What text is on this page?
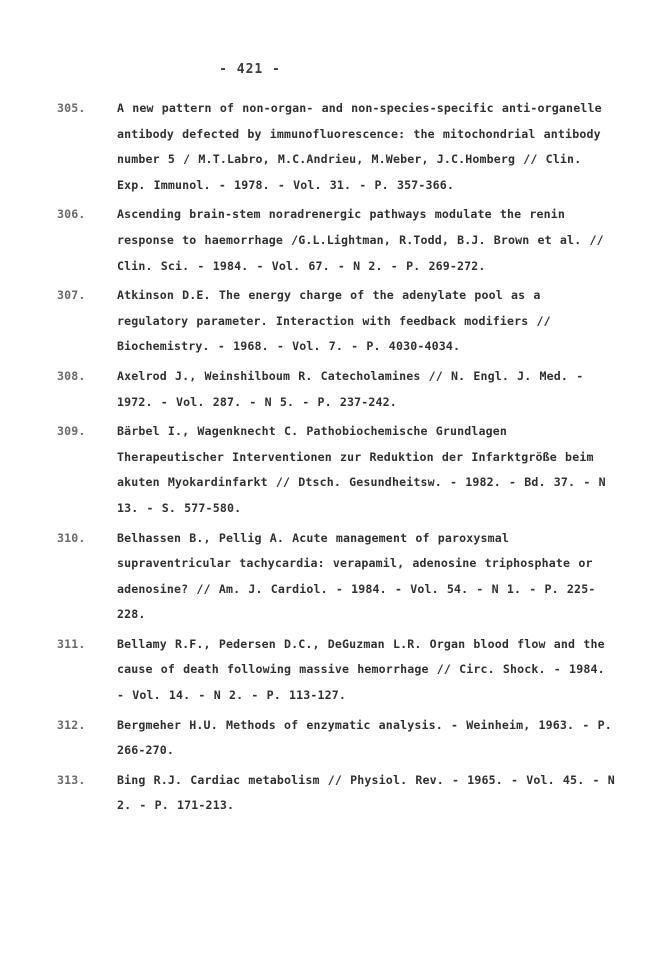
- 421 -
305.	A new pattern of non-organ- and non-species-specific anti-organelle antibody defected by immunofluorescence: the mitochondrial antibody number 5 / M.T.Labro, M.C.Andrieu, M.Weber, J.C.Homberg // Clin. Exp. Immunol. - 1978. - Vol. 31. - P. 357-366.
306.	Ascending brain-stem noradrenergic pathways modulate the renin response to haemorrhage /G.L.Lightman, R.Todd, B.J. Brown et al. // Clin. Sci. - 1984. - Vol. 67. - N 2. - P. 269-272.
307.	Atkinson D.E. The energy charge of the adenylate pool as a regulatory parameter. Interaction with feedback modifiers // Biochemistry. - 1968. - Vol. 7. - P. 4030-4034.
308.	Axelrod J., Weinshilboum R. Catecholamines // N. Engl. J. Med. - 1972. - Vol. 287. - N 5. - P. 237-242.
309.	Bärbel I., Wagenknecht C. Pathobiochemische Grundlagen Therapeutischer Interventionen zur Reduktion der Infarktgröße beim akuten Myokardinfarkt // Dtsch. Gesundheitsw. - 1982. - Bd. 37. - N 13. - S. 577-580.
310.	Belhassen B., Pellig A. Acute management of paroxysmal supraventricular tachycardia: verapamil, adenosine triphosphate or adenosine? // Am. J. Cardiol. - 1984. - Vol. 54. - N 1. - P. 225-228.
311.	Bellamy R.F., Pedersen D.C., DeGuzman L.R. Organ blood flow and the cause of death following massive hemorrhage // Circ. Shock. - 1984. - Vol. 14. - N 2. - P. 113-127.
312.	Bergmeher H.U. Methods of enzymatic analysis. - Weinheim, 1963. - P. 266-270.
313.	Bing R.J. Cardiac metabolism // Physiol. Rev. - 1965. - Vol. 45. - N 2. - P. 171-213.
